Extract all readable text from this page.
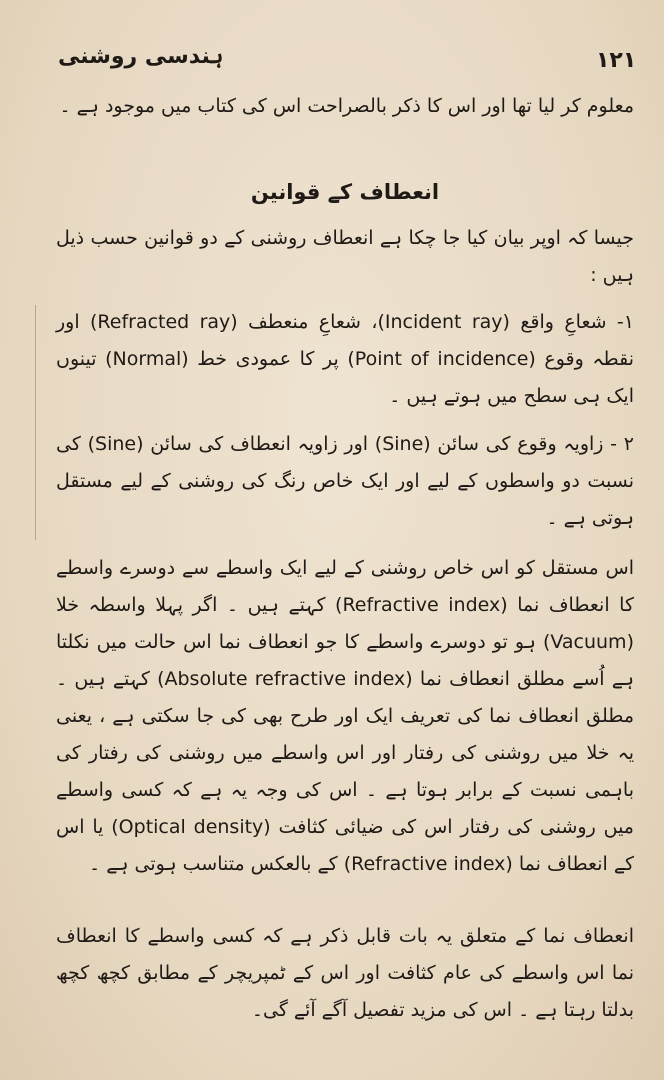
۱۲۱
ہندسی روشنی
معلوم کر لیا تھا اور اس کا ذکر بالصراحت اس کی کتاب میں موجود ہے ۔
انعطاف کے قوانین
جیسا کہ اوپر بیان کیا جا چکا ہے انعطاف روشنی کے دو قوانین حسب ذیل ہیں :
۱- شعاعِ واقع (Incident ray)، شعاعِ منعطف (Refracted ray) اور نقطہ وقوع (Point of incidence) پر کا عمودی خط (Normal) تینوں ایک ہی سطح میں ہوتے ہیں ۔
۲ - زاویہ وقوع کی سائن (Sine) اور زاویہ انعطاف کی سائن (Sine) کی نسبت دو واسطوں کے لیے اور ایک خاص رنگ کی روشنی کے لیے مستقل ہوتی ہے ۔
اس مستقل کو اس خاص روشنی کے لیے ایک واسطے سے دوسرے واسطے کا انعطاف نما (Refractive index) کہتے ہیں ۔ اگر پہلا واسطہ خلا (Vacuum) ہو تو دوسرے واسطے کا جو انعطاف نما اس حالت میں نکلتا ہے اُسے مطلق انعطاف نما (Absolute refractive index) کہتے ہیں ۔ مطلق انعطاف نما کی تعریف ایک اور طرح بھی کی جا سکتی ہے ، یعنی یہ خلا میں روشنی کی رفتار اور اس واسطے میں روشنی کی رفتار کی باہمی نسبت کے برابر ہوتا ہے ۔ اس کی وجہ یہ ہے کہ کسی واسطے میں روشنی کی رفتار اس کی ضیائی کثافت (Optical density) یا اس کے انعطاف نما (Refractive index) کے بالعکس متناسب ہوتی ہے ۔
انعطاف نما کے متعلق یہ بات قابل ذکر ہے کہ کسی واسطے کا انعطاف نما اس واسطے کی عام کثافت اور اس کے ٹمپریچر کے مطابق کچھ کچھ بدلتا رہتا ہے ۔ اس کی مزید تفصیل آگے آئے گی۔
